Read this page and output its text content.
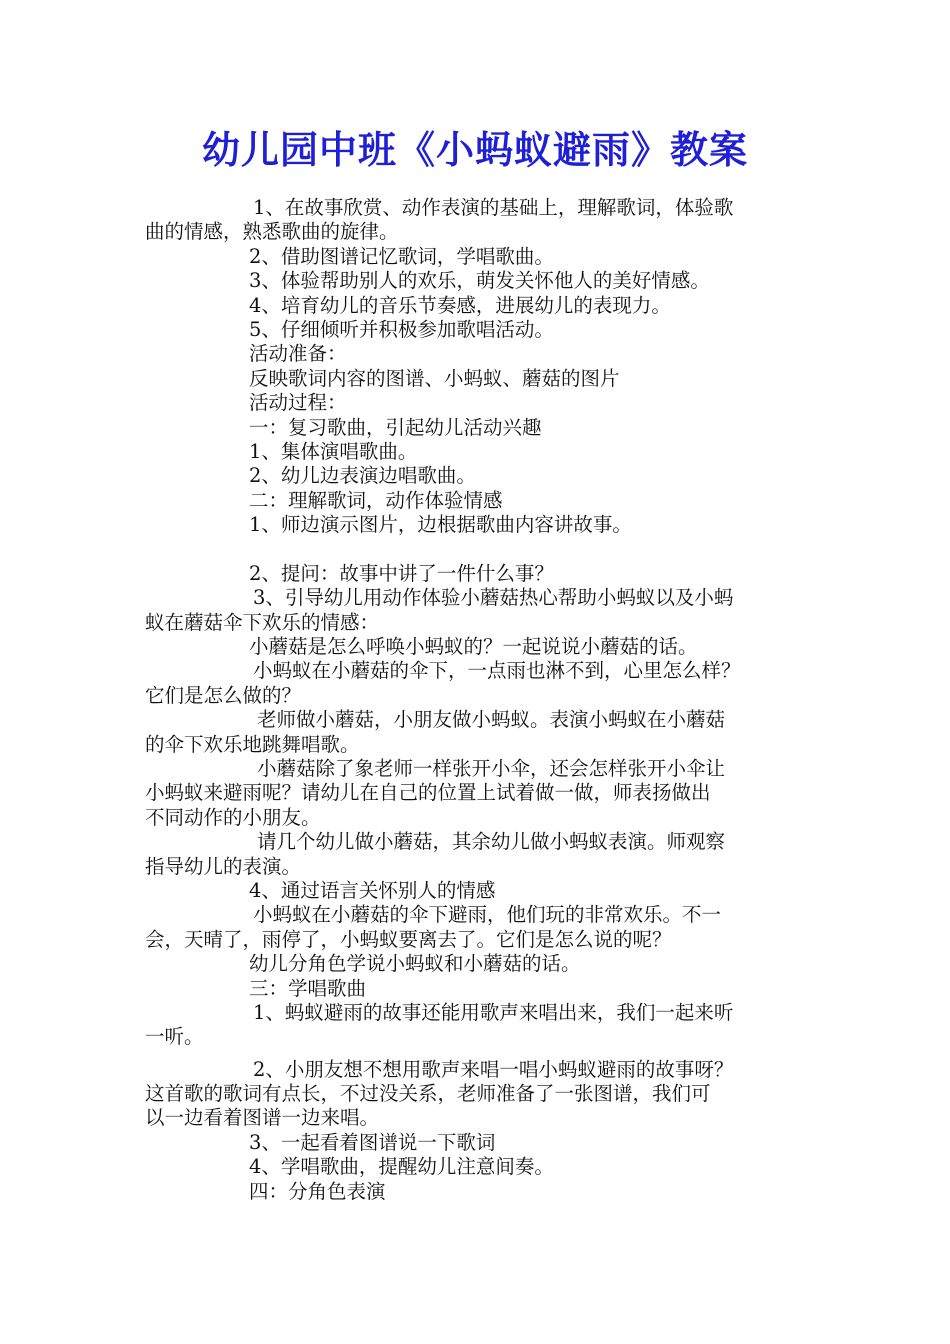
幼儿园中班《小蚂蚁避雨》教案
1、在故事欣赏、动作表演的基础上，理解歌词，体验歌
曲的情感，熟悉歌曲的旋律。
2、借助图谱记忆歌词，学唱歌曲。
3、体验帮助别人的欢乐，萌发关怀他人的美好情感。
4、培育幼儿的音乐节奏感，进展幼儿的表现力。
5、仔细倾听并积极参加歌唱活动。
活动准备：
反映歌词内容的图谱、小蚂蚁、蘑菇的图片
活动过程：
一：复习歌曲，引起幼儿活动兴趣
1、集体演唱歌曲。
2、幼儿边表演边唱歌曲。
二：理解歌词，动作体验情感
1、师边演示图片，边根据歌曲内容讲故事。
2、提问：故事中讲了一件什么事？
3、引导幼儿用动作体验小蘑菇热心帮助小蚂蚁以及小蚂
蚁在蘑菇伞下欢乐的情感：
小蘑菇是怎么呼唤小蚂蚁的？一起说说小蘑菇的话。
小蚂蚁在小蘑菇的伞下，一点雨也淋不到，心里怎么样？
它们是怎么做的？
老师做小蘑菇，小朋友做小蚂蚁。表演小蚂蚁在小蘑菇
的伞下欢乐地跳舞唱歌。
小蘑菇除了象老师一样张开小伞，还会怎样张开小伞让
小蚂蚁来避雨呢？请幼儿在自己的位置上试着做一做，师表扬做出
不同动作的小朋友。
请几个幼儿做小蘑菇，其余幼儿做小蚂蚁表演。师观察
指导幼儿的表演。
4、通过语言关怀别人的情感
小蚂蚁在小蘑菇的伞下避雨，他们玩的非常欢乐。不一
会，天晴了，雨停了，小蚂蚁要离去了。它们是怎么说的呢？
幼儿分角色学说小蚂蚁和小蘑菇的话。
三：学唱歌曲
1、蚂蚁避雨的故事还能用歌声来唱出来，我们一起来听
一听。
2、小朋友想不想用歌声来唱一唱小蚂蚁避雨的故事呀？
这首歌的歌词有点长，不过没关系，老师准备了一张图谱，我们可
以一边看着图谱一边来唱。
3、一起看着图谱说一下歌词
4、学唱歌曲，提醒幼儿注意间奏。
四：分角色表演
